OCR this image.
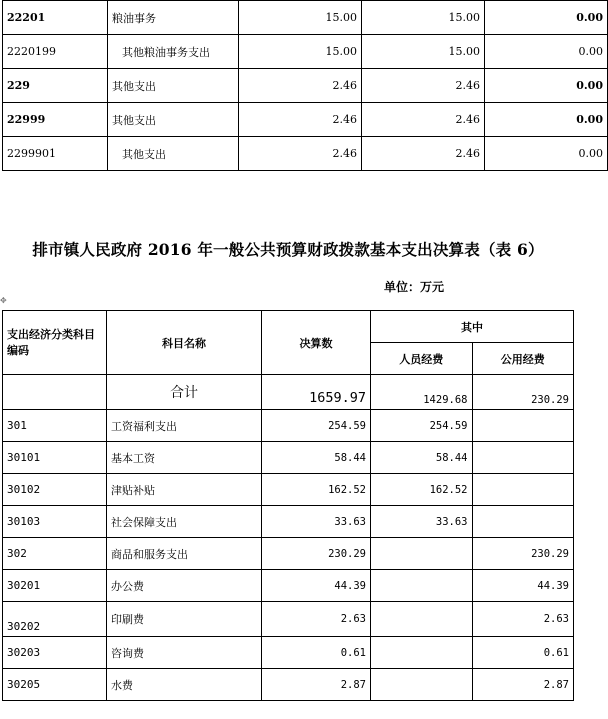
22201	粮油事务	15.00	15.00	0.00
2220199	其他粮油事务支出	15.00	15.00	0.00
229	其他支出	2.46	2.46	0.00
22999	其他支出	2.46	2.46	0.00
2299901	其他支出	2.46	2.46	0.00
排市镇人民政府 2016 年一般公共预算财政拨款基本支出决算表（表 6）
单位：万元
✥
支出经济分类科目编码	科目名称	决算数	其中	
			人员经费	公用经费
	合计	1659.97	1429.68	230.29
301	工资福利支出	254.59	254.59	
30101	基本工资	58.44	58.44	
30102	津贴补贴	162.52	162.52	
30103	社会保障支出	33.63	33.63	
302	商品和服务支出	230.29		230.29
30201	办公费	44.39		44.39
30202	印刷费	2.63		2.63
30203	咨询费	0.61		0.61
30205	水费	2.87		2.87
